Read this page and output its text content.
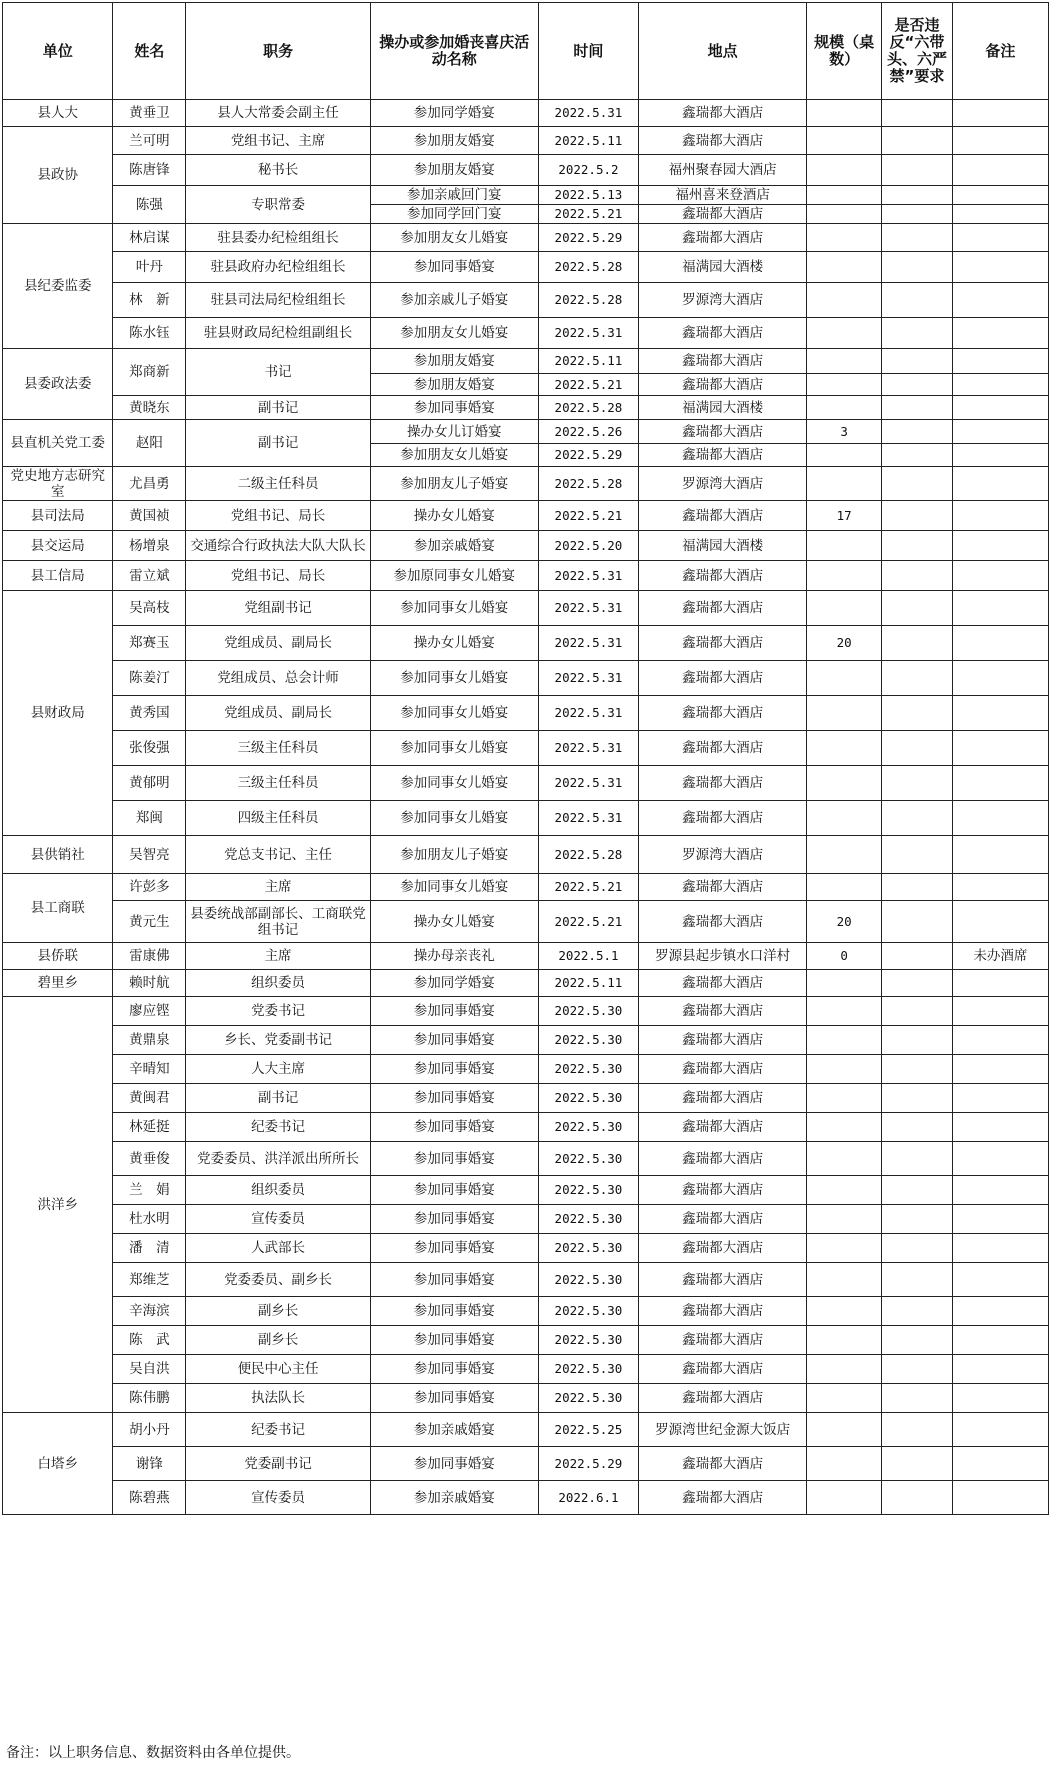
单位	姓名	职务	操办或参加婚丧喜庆活动名称	时间	地点	规模（桌数）	是否违反“六带头、六严禁”要求	备注
县人大	黄垂卫	县人大常委会副主任	参加同学婚宴	2022.5.31	鑫瑞都大酒店			
县政协	兰可明	党组书记、主席	参加朋友婚宴	2022.5.11	鑫瑞都大酒店			
	陈唐锋	秘书长	参加朋友婚宴	2022.5.2	福州聚春园大酒店			
	陈强	专职常委	参加亲戚回门宴	2022.5.13	福州喜来登酒店			
			参加同学回门宴	2022.5.21	鑫瑞都大酒店			
县纪委监委	林启谋	驻县委办纪检组组长	参加朋友女儿婚宴	2022.5.29	鑫瑞都大酒店			
	叶丹	驻县政府办纪检组组长	参加同事婚宴	2022.5.28	福满园大酒楼			
	林　新	驻县司法局纪检组组长	参加亲戚儿子婚宴	2022.5.28	罗源湾大酒店			
	陈水钰	驻县财政局纪检组副组长	参加朋友女儿婚宴	2022.5.31	鑫瑞都大酒店			
县委政法委	郑商新	书记	参加朋友婚宴	2022.5.11	鑫瑞都大酒店			
			参加朋友婚宴	2022.5.21	鑫瑞都大酒店			
	黄晓东	副书记	参加同事婚宴	2022.5.28	福满园大酒楼			
县直机关党工委	赵阳	副书记	操办女儿订婚宴	2022.5.26	鑫瑞都大酒店	3		
			参加朋友女儿婚宴	2022.5.29	鑫瑞都大酒店			
党史地方志研究室	尤昌勇	二级主任科员	参加朋友儿子婚宴	2022.5.28	罗源湾大酒店			
县司法局	黄国祯	党组书记、局长	操办女儿婚宴	2022.5.21	鑫瑞都大酒店	17		
县交运局	杨增泉	交通综合行政执法大队大队长	参加亲戚婚宴	2022.5.20	福满园大酒楼			
县工信局	雷立斌	党组书记、局长	参加原同事女儿婚宴	2022.5.31	鑫瑞都大酒店			
县财政局	吴高枝	党组副书记	参加同事女儿婚宴	2022.5.31	鑫瑞都大酒店			
	郑赛玉	党组成员、副局长	操办女儿婚宴	2022.5.31	鑫瑞都大酒店	20		
	陈姜汀	党组成员、总会计师	参加同事女儿婚宴	2022.5.31	鑫瑞都大酒店			
	黄秀国	党组成员、副局长	参加同事女儿婚宴	2022.5.31	鑫瑞都大酒店			
	张俊强	三级主任科员	参加同事女儿婚宴	2022.5.31	鑫瑞都大酒店			
	黄郁明	三级主任科员	参加同事女儿婚宴	2022.5.31	鑫瑞都大酒店			
	郑闽	四级主任科员	参加同事女儿婚宴	2022.5.31	鑫瑞都大酒店			
县供销社	吴智亮	党总支书记、主任	参加朋友儿子婚宴	2022.5.28	罗源湾大酒店			
县工商联	许彭多	主席	参加同事女儿婚宴	2022.5.21	鑫瑞都大酒店			
	黄元生	县委统战部副部长、工商联党组书记	操办女儿婚宴	2022.5.21	鑫瑞都大酒店	20		
县侨联	雷康佛	主席	操办母亲丧礼	2022.5.1	罗源县起步镇水口洋村	0		未办酒席
碧里乡	赖时航	组织委员	参加同学婚宴	2022.5.11	鑫瑞都大酒店			
洪洋乡	廖应铿	党委书记	参加同事婚宴	2022.5.30	鑫瑞都大酒店			
	黄鼎泉	乡长、党委副书记	参加同事婚宴	2022.5.30	鑫瑞都大酒店			
	辛晴知	人大主席	参加同事婚宴	2022.5.30	鑫瑞都大酒店			
	黄闽君	副书记	参加同事婚宴	2022.5.30	鑫瑞都大酒店			
	林延挺	纪委书记	参加同事婚宴	2022.5.30	鑫瑞都大酒店			
	黄垂俊	党委委员、洪洋派出所所长	参加同事婚宴	2022.5.30	鑫瑞都大酒店			
	兰　娟	组织委员	参加同事婚宴	2022.5.30	鑫瑞都大酒店			
	杜水明	宣传委员	参加同事婚宴	2022.5.30	鑫瑞都大酒店			
	潘　清	人武部长	参加同事婚宴	2022.5.30	鑫瑞都大酒店			
	郑维芝	党委委员、副乡长	参加同事婚宴	2022.5.30	鑫瑞都大酒店			
	辛海滨	副乡长	参加同事婚宴	2022.5.30	鑫瑞都大酒店			
	陈　武	副乡长	参加同事婚宴	2022.5.30	鑫瑞都大酒店			
	吴自洪	便民中心主任	参加同事婚宴	2022.5.30	鑫瑞都大酒店			
	陈伟鹏	执法队长	参加同事婚宴	2022.5.30	鑫瑞都大酒店			
白塔乡	胡小丹	纪委书记	参加亲戚婚宴	2022.5.25	罗源湾世纪金源大饭店			
	谢锋	党委副书记	参加同事婚宴	2022.5.29	鑫瑞都大酒店			
	陈碧燕	宣传委员	参加亲戚婚宴	2022.6.1	鑫瑞都大酒店			
备注：以上职务信息、数据资料由各单位提供。
